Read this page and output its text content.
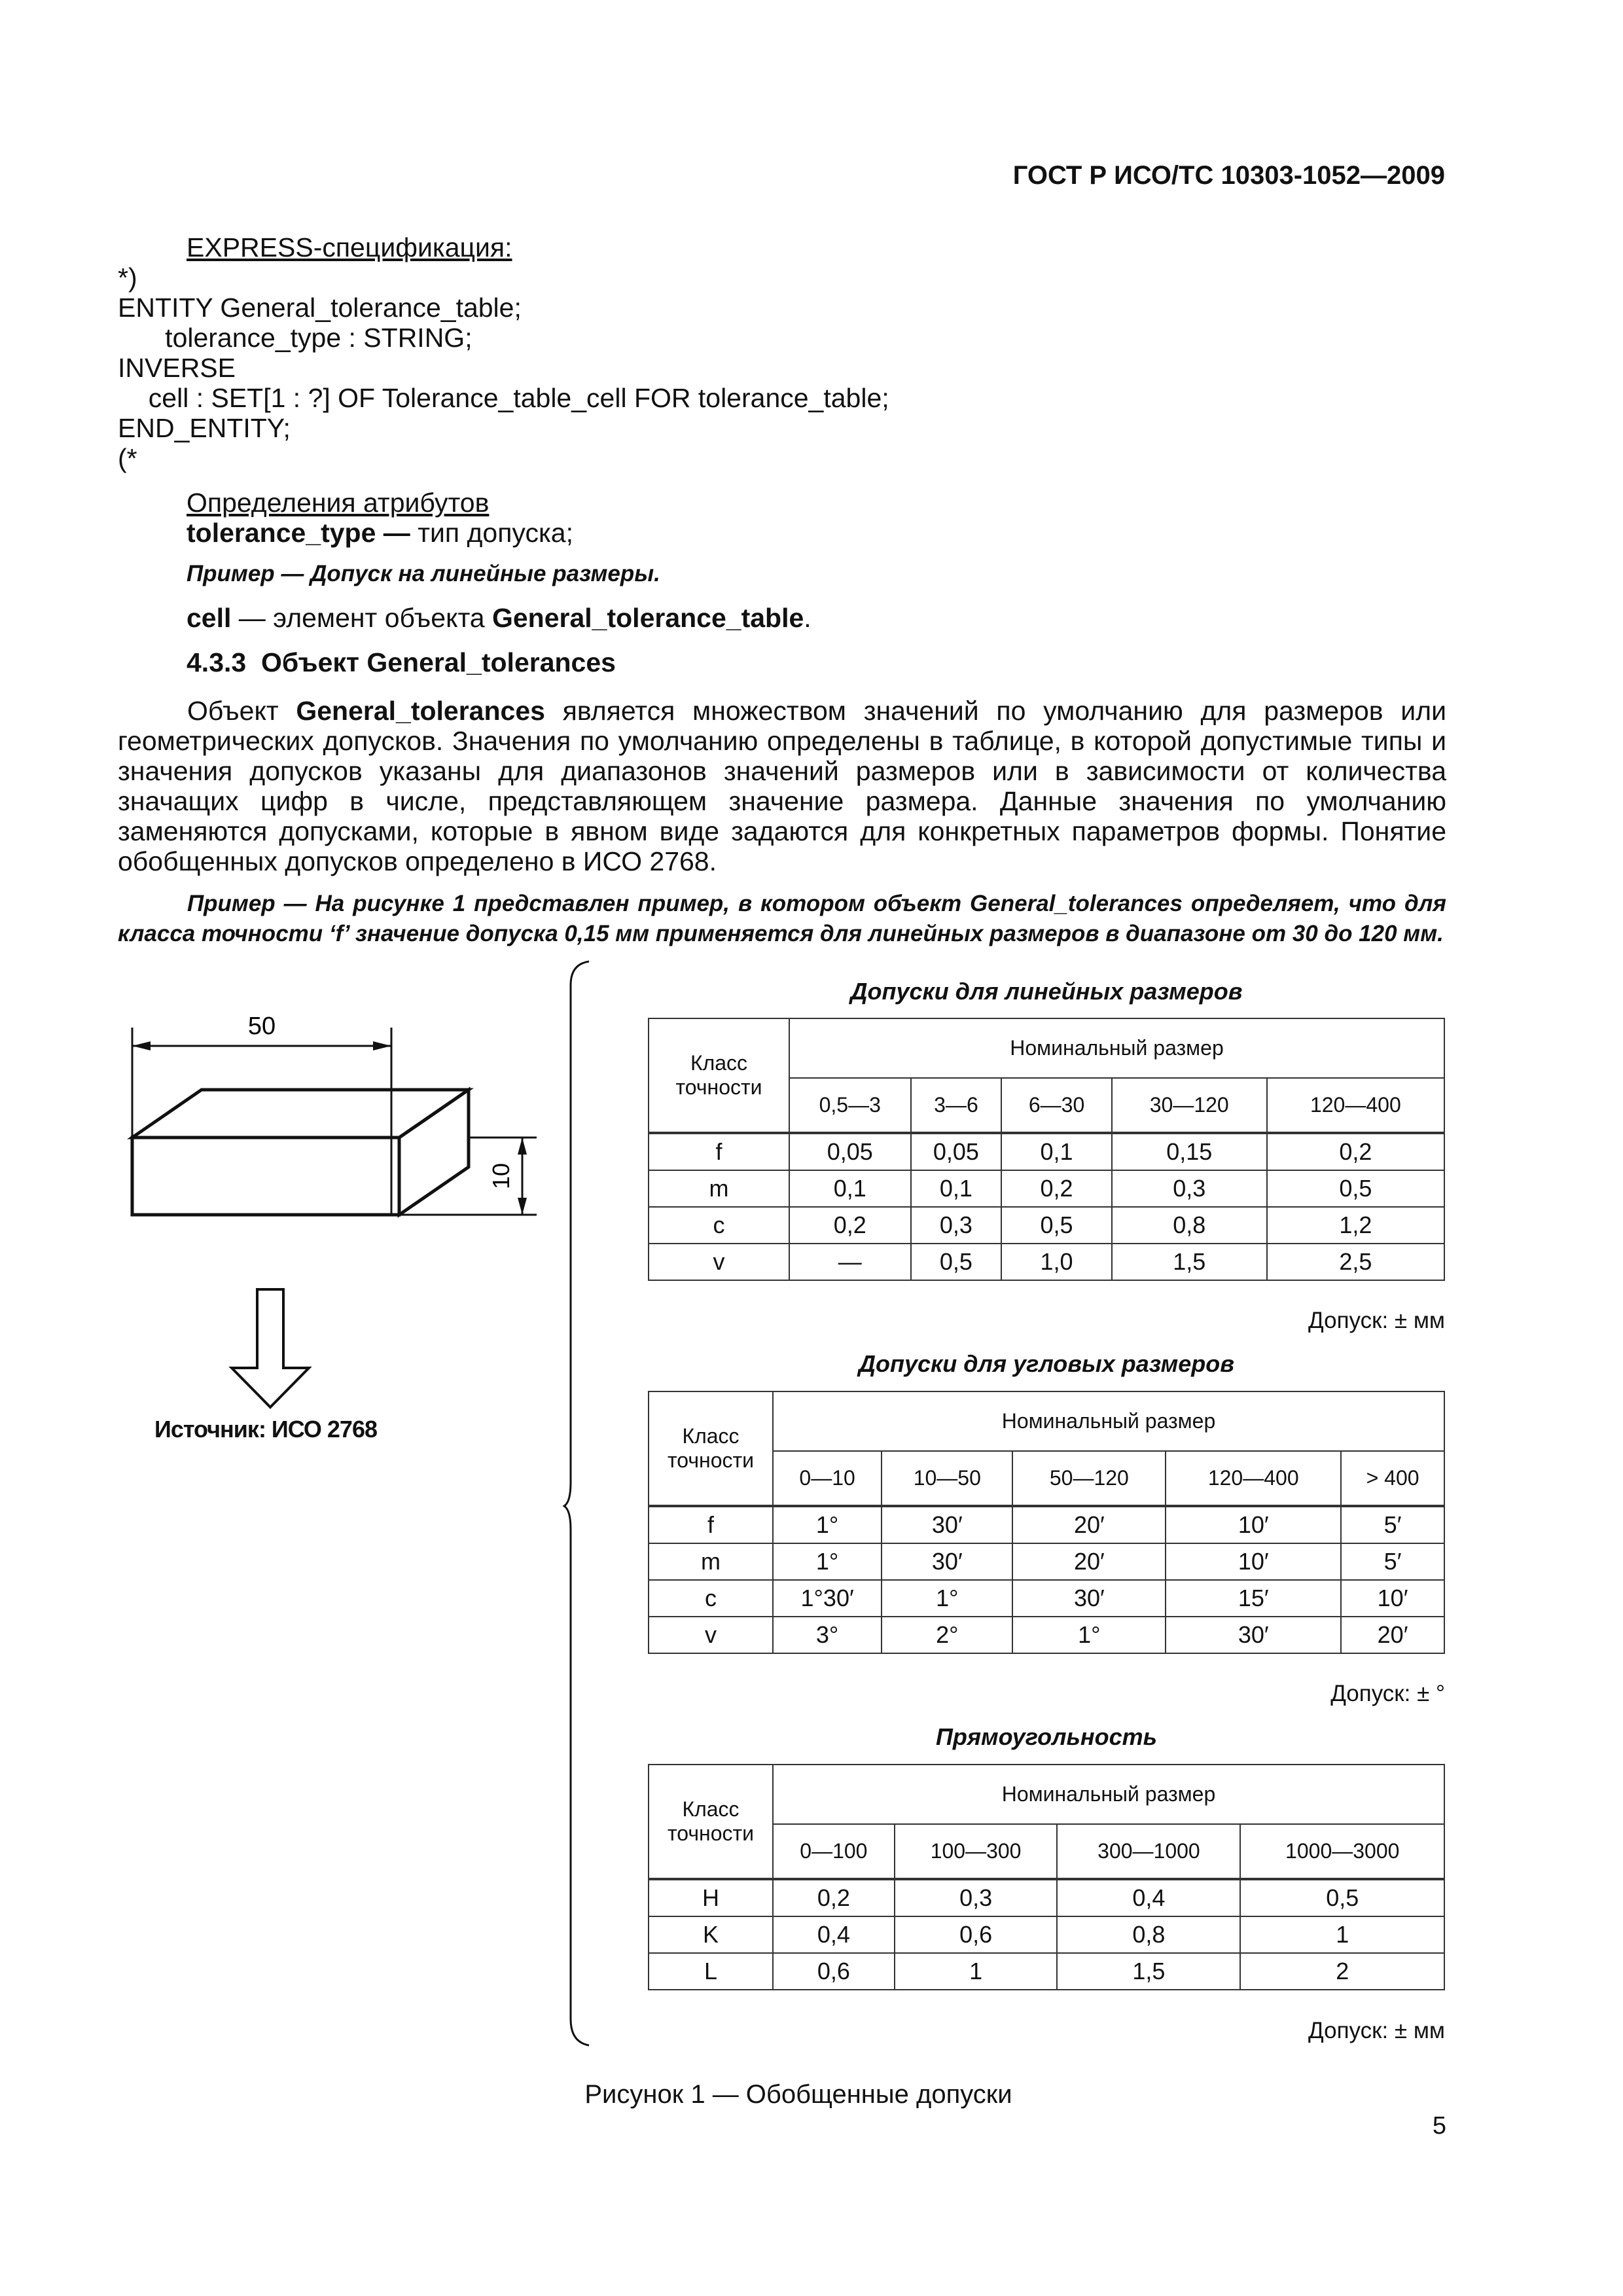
ГОСТ Р ИСО/ТС 10303-1052—2009
EXPRESS-спецификация:
*)
ENTITY General_tolerance_table;
tolerance_type : STRING;
INVERSE
cell : SET[1 : ?] OF Tolerance_table_cell FOR tolerance_table;
END_ENTITY;
(*

Определения атрибутов

tolerance_type — тип допуска;

Пример — Допуск на линейные размеры.

cell — элемент объекта General_tolerance_table.

4.3.3 Объект General_tolerances

Объект General_tolerances является множеством значений по умолчанию для размеров или геометрических допусков. Значения по умолчанию определены в таблице, в которой допустимые типы и значения допусков указаны для диапазонов значений размеров или в зависимости от количества значащих цифр в числе, представляющем значение размера. Данные значения по умолчанию заменяются допусками, которые в явном виде задаются для конкретных параметров формы. Понятие обобщенных допусков определено в ИСО 2768.

Пример — На рисунке 1 представлен пример, в котором объект General_tolerances определяет, что для класса точности ‘f’ значение допуска 0,15 мм применяется для линейных размеров в диапазоне от 30 до 120 мм.

50
10
Источник: ИСО 2768
Допуски для линейных размеров
Класс точности	Номинальный размер				
	0,5—3	3—6	6—30	30—120	120—400
f	0,05	0,05	0,1	0,15	0,2
m	0,1	0,1	0,2	0,3	0,5
c	0,2	0,3	0,5	0,8	1,2
v	—	0,5	1,0	1,5	2,5
Допуск: ± мм
Допуски для угловых размеров
Класс точности	Номинальный размер				
	0—10	10—50	50—120	120—400	> 400
f	1°	30′	20′	10′	5′
m	1°	30′	20′	10′	5′
c	1°30′	1°	30′	15′	10′
v	3°	2°	1°	30′	20′
Допуск: ± °
Прямоугольность
Класс точности	Номинальный размер			
	0—100	100—300	300—1000	1000—3000
H	0,2	0,3	0,4	0,5
K	0,4	0,6	0,8	1
L	0,6	1	1,5	2
Допуск: ± мм
Рисунок 1 — Обобщенные допуски
5
